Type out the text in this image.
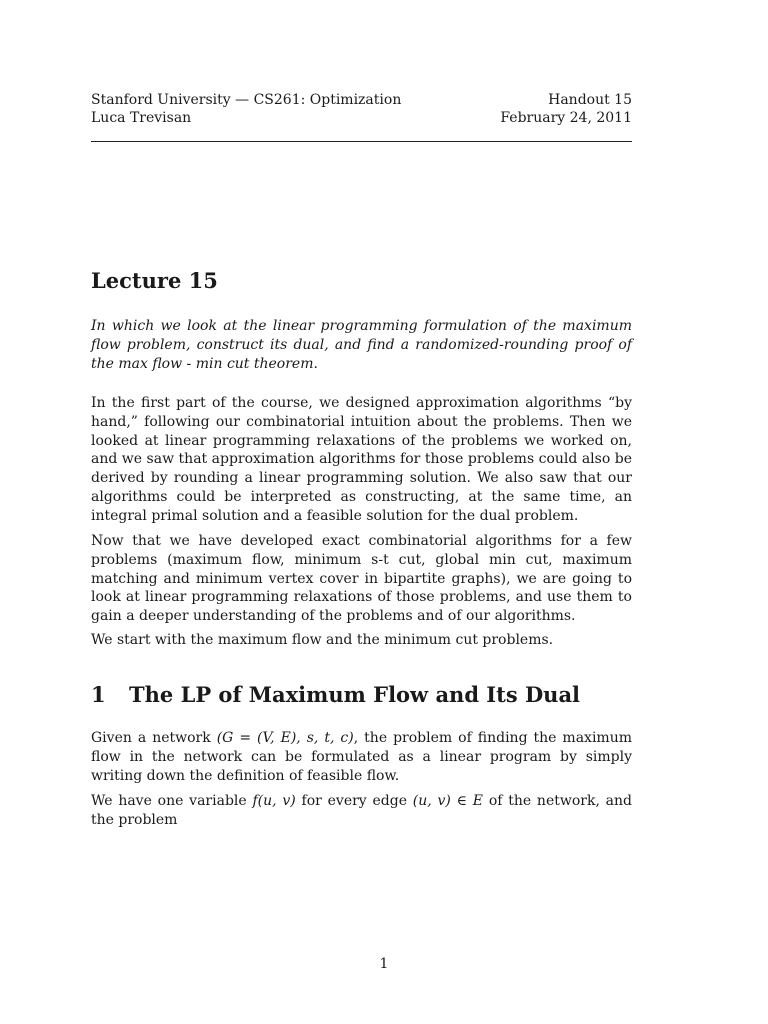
Stanford University — CS261: Optimization	Handout 15
Luca Trevisan	February 24, 2011
Lecture 15

In which we look at the linear programming formulation of the maximum flow problem, construct its dual, and find a randomized-rounding proof of the max flow - min cut theorem.

In the first part of the course, we designed approximation algorithms “by hand,” following our combinatorial intuition about the problems. Then we looked at linear programming relaxations of the problems we worked on, and we saw that approximation algorithms for those problems could also be derived by rounding a linear programming solution. We also saw that our algorithms could be interpreted as constructing, at the same time, an integral primal solution and a feasible solution for the dual problem.

Now that we have developed exact combinatorial algorithms for a few problems (maximum flow, minimum s-t cut, global min cut, maximum matching and minimum vertex cover in bipartite graphs), we are going to look at linear programming relaxations of those problems, and use them to gain a deeper understanding of the problems and of our algorithms.

We start with the maximum flow and the minimum cut problems.

1 The LP of Maximum Flow and Its Dual

Given a network (G = (V, E), s, t, c), the problem of finding the maximum flow in the network can be formulated as a linear program by simply writing down the definition of feasible flow.

We have one variable f(u, v) for every edge (u, v) ∈ E of the network, and the problem

1
